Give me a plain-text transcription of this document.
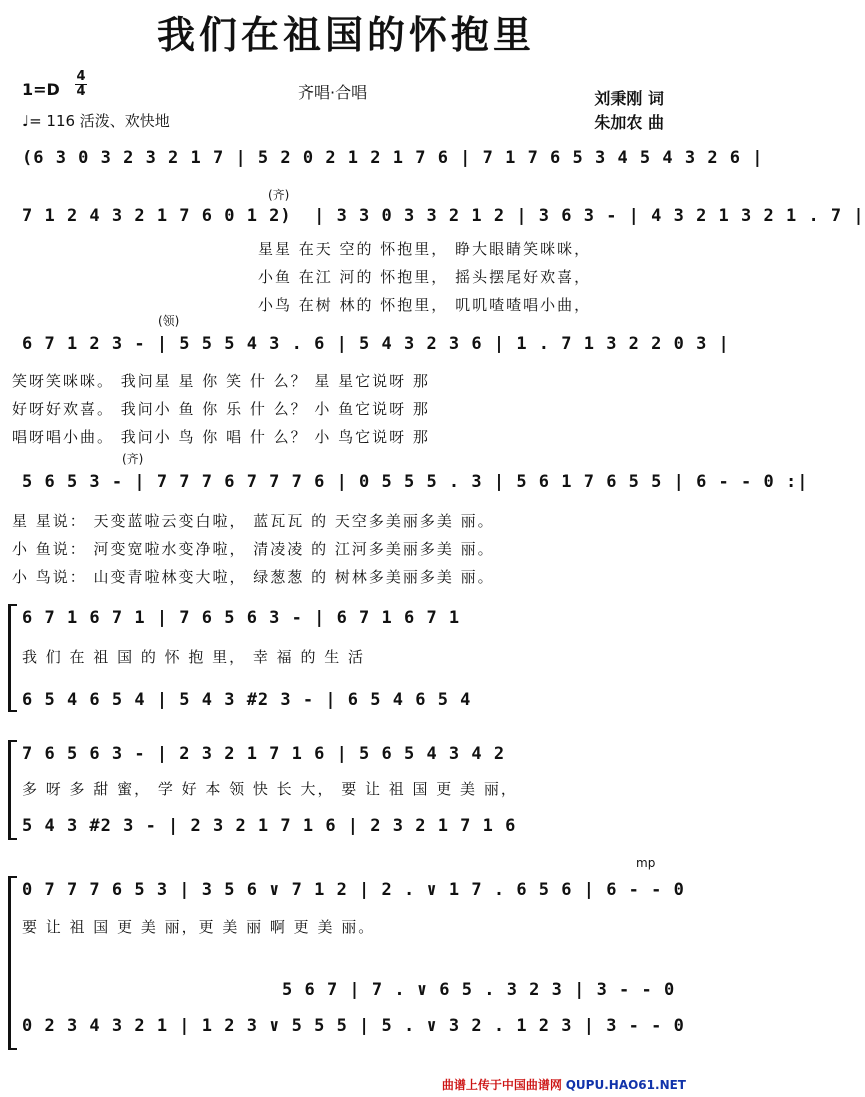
我们在祖国的怀抱里
1=D
4
4
♩= 116 活泼、欢快地
齐唱·合唱	刘秉刚 词
朱加农 曲
(6 3 0 3 2 3 2 1 7 | 5 2 0 2 1 2 1 7 6 | 7 1 7 6 5 3 4 5 4 3 2 6 |
(齐)
7 1 2 4 3 2 1 7 6 0 1 2)  | 3 3 0 3 3 2 1 2 | 3 6 3 - | 4 3 2 1 3 2 1 . 7 |
星星 在天 空的 怀抱里， 睁大眼睛笑咪咪，
小鱼 在江 河的 怀抱里， 摇头摆尾好欢喜，
小鸟 在树 林的 怀抱里， 叽叽喳喳唱小曲，
(领)
6 7 1 2 3 - | 5 5 5 4 3 . 6 | 5 4 3 2 3 6 | 1 . 7 1 3 2 2 0 3 |
笑呀笑咪咪。 我问星 星 你 笑 什 么？ 星 星它说呀 那
好呀好欢喜。 我问小 鱼 你 乐 什 么？ 小 鱼它说呀 那
唱呀唱小曲。 我问小 鸟 你 唱 什 么？ 小 鸟它说呀 那
(齐)
5 6 5 3 - | 7 7 7 6 7 7 7 6 | 0 5 5 5 . 3 | 5 6 1 7 6 5 5 | 6 - - 0 :|
星 星说： 天变蓝啦云变白啦， 蓝瓦瓦 的 天空多美丽多美 丽。
小 鱼说： 河变宽啦水变净啦， 清凌凌 的 江河多美丽多美 丽。
小 鸟说： 山变青啦林变大啦， 绿葱葱 的 树林多美丽多美 丽。
6 7 1 6 7 1 | 7 6 5 6 3 - | 6 7 1 6 7 1
我 们 在 祖 国 的 怀 抱 里， 幸 福 的 生 活
6 5 4 6 5 4 | 5 4 3 #2 3 - | 6 5 4 6 5 4
7 6 5 6 3 - | 2 3 2 1 7 1 6 | 5 6 5 4 3 4 2
多 呀 多 甜 蜜， 学 好 本 领 快 长 大， 要 让 祖 国 更 美 丽，
5 4 3 #2 3 - | 2 3 2 1 7 1 6 | 2 3 2 1 7 1 6
mp
0 7 7 7 6 5 3 | 3 5 6 ∨ 7 1 2 | 2 . ∨ 1 7 . 6 5 6 | 6 - - 0
要 让 祖 国 更 美 丽，更 美 丽 啊 更 美 丽。
5 6 7 | 7 . ∨ 6 5 . 3 2 3 | 3 - - 0
0 2 3 4 3 2 1 | 1 2 3 ∨ 5 5 5 | 5 . ∨ 3 2 . 1 2 3 | 3 - - 0
曲谱上传于中国曲谱网 QUPU.HAO61.NET
